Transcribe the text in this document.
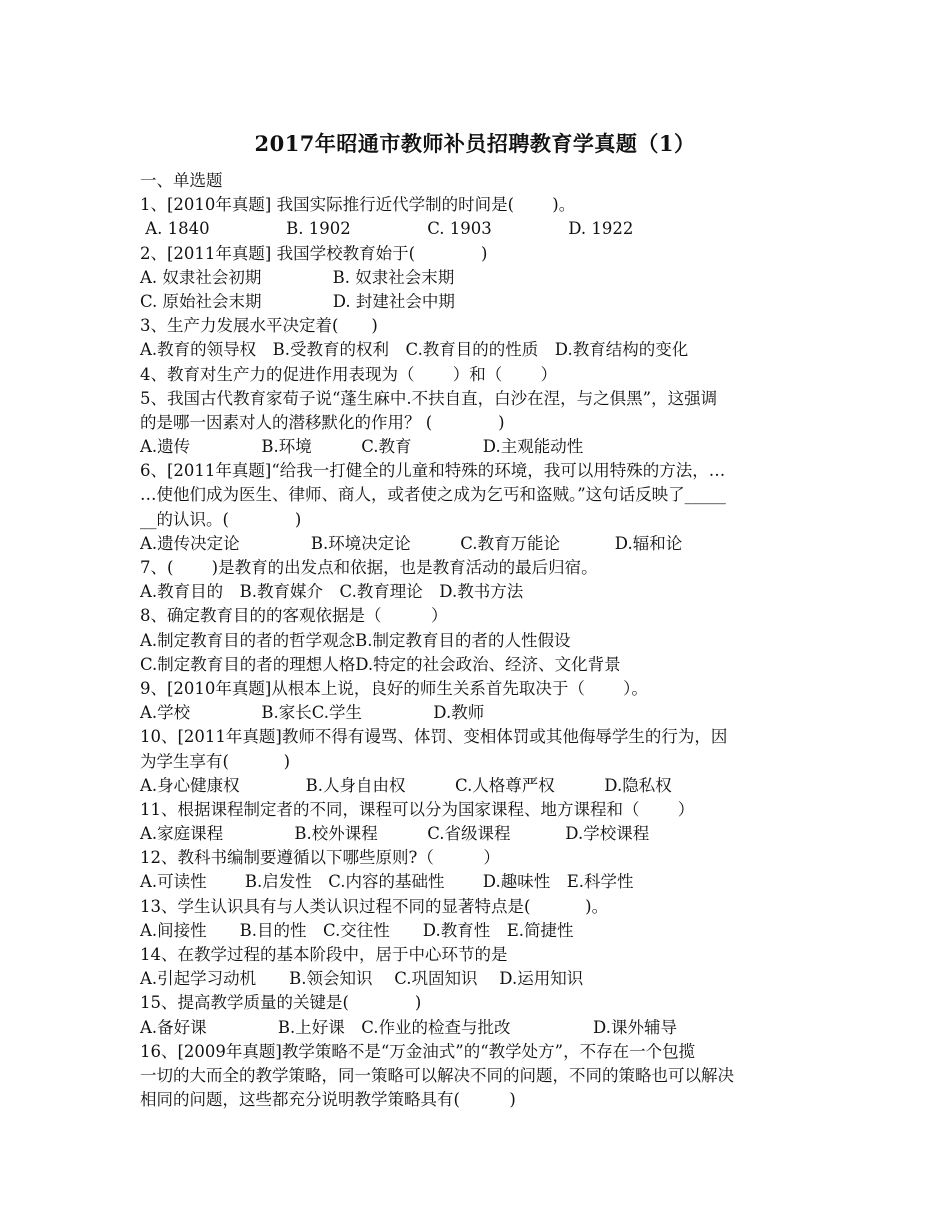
2017年昭通市教师补员招聘教育学真题（1）
一、单选题
1、[2010年真题] 我国实际推行近代学制的时间是(　　 )。
A. 1840　　　　  B. 1902　　　　  C. 1903　　　　  D. 1922
2、[2011年真题] 我国学校教育始于(　　　　)
A. 奴隶社会初期　　　　 B. 奴隶社会末期
C. 原始社会末期　　　　 D. 封建社会中期
3、生产力发展水平决定着(　　)
A.教育的领导权　B.受教育的权利　C.教育目的的性质　D.教育结构的变化
4、教育对生产力的促进作用表现为（　　 ）和（　　 ）
5、我国古代教育家荀子说“蓬生麻中.不扶自直，白沙在涅，与之俱黑”，这强调
的是哪一因素对人的潜移默化的作用？ (　　　　)
A.遗传　　　　 B.环境　　　C.教育　　　　 D.主观能动性
6、[2011年真题]“给我一打健全的儿童和特殊的环境，我可以用特殊的方法，…
…使他们成为医生、律师、商人，或者使之成为乞丐和盗贼。”这句话反映了_____
__的认识。(　　　　)
A.遗传决定论　　　　 B.环境决定论　　　C.教育万能论　　　 D.辐和论
7、(　　 )是教育的出发点和依据，也是教育活动的最后归宿。
A.教育目的　B.教育媒介　C.教育理论　D.教书方法
8、确定教育目的的客观依据是（　　　）
A.制定教育目的者的哲学观念B.制定教育目的者的人性假设
C.制定教育目的者的理想人格D.特定的社会政治、经济、文化背景
9、[2010年真题]从根本上说，良好的师生关系首先取决于（　　 ）。
A.学校　　　　 B.家长C.学生　　　　 D.教师
10、[2011年真题]教师不得有谩骂、体罚、变相体罚或其他侮辱学生的行为，因
为学生享有(　　　 )
A.身心健康权　　　　B.人身自由权　　　C.人格尊严权　　　D.隐私权
11、根据课程制定者的不同，课程可以分为国家课程、地方课程和（　　 ）
A.家庭课程　　　　 B.校外课程　　　C.省级课程　　　 D.学校课程
12、教科书编制要遵循以下哪些原则?（　　　）
A.可读性　　 B.启发性　C.内容的基础性　　 D.趣味性　E.科学性
13、学生认识具有与人类认识过程不同的显著特点是(　　　 )。
A.间接性　　B.目的性　C.交往性　　D.教育性　E.简捷性
14、在教学过程的基本阶段中，居于中心环节的是
A.引起学习动机　　B.领会知识　 C.巩固知识　 D.运用知识
15、提高教学质量的关键是(　　　　)
A.备好课　　　　 B.上好课　C.作业的检查与批改　　　　　D.课外辅导
16、[2009年真题]教学策略不是“万金油式”的“教学处方”，不存在一个包揽
一切的大而全的教学策略，同一策略可以解决不同的问题，不同的策略也可以解决
相同的问题，这些都充分说明教学策略具有(　　　)
